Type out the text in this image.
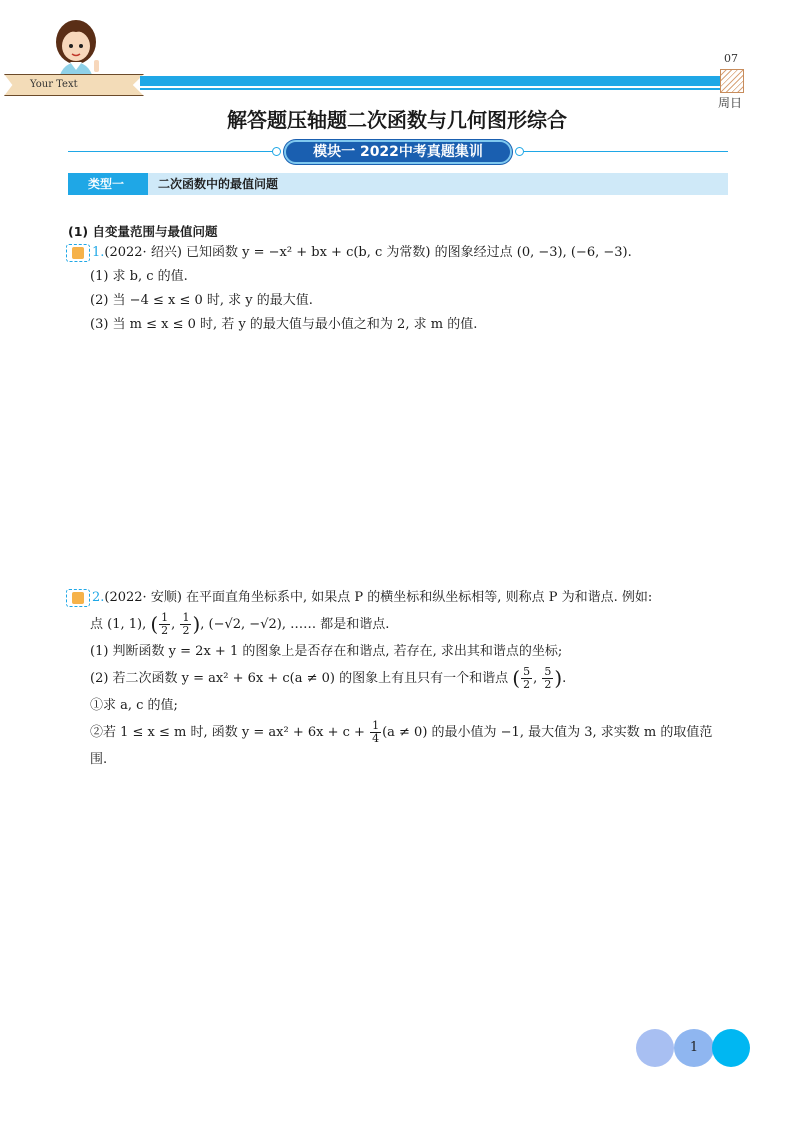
Your Text
07
周日
解答题压轴题二次函数与几何图形综合
模块一 2022中考真题集训
类型一	二次函数中的最值问题
(1) 自变量范围与最值问题
1.(2022· 绍兴) 已知函数 y = −x² + bx + c(b, c 为常数) 的图象经过点 (0, −3), (−6, −3).
(1) 求 b, c 的值.
(2) 当 −4 ≤ x ≤ 0 时, 求 y 的最大值.
(3) 当 m ≤ x ≤ 0 时, 若 y 的最大值与最小值之和为 2, 求 m 的值.
2.(2022· 安顺) 在平面直角坐标系中, 如果点 P 的横坐标和纵坐标相等, 则称点 P 为和谐点. 例如:
点 (1, 1), ( $\frac{1}{2}$ , $\frac{1}{2}$ ), (−√2, −√2), …… 都是和谐点.
(1) 判断函数 y = 2x + 1 的图象上是否存在和谐点, 若存在, 求出其和谐点的坐标;
(2) 若二次函数 y = ax² + 6x + c(a ≠ 0) 的图象上有且只有一个和谐点 ( $\frac{5}{2}$ , $\frac{5}{2}$ ).
①求 a, c 的值;
②若 1 ≤ x ≤ m 时, 函数 $y = ax^2 + 6x + c + \frac{1}{4} (a \ne 0)$ 的最小值为 −1, 最大值为 3, 求实数 m 的取值范
围.
1
